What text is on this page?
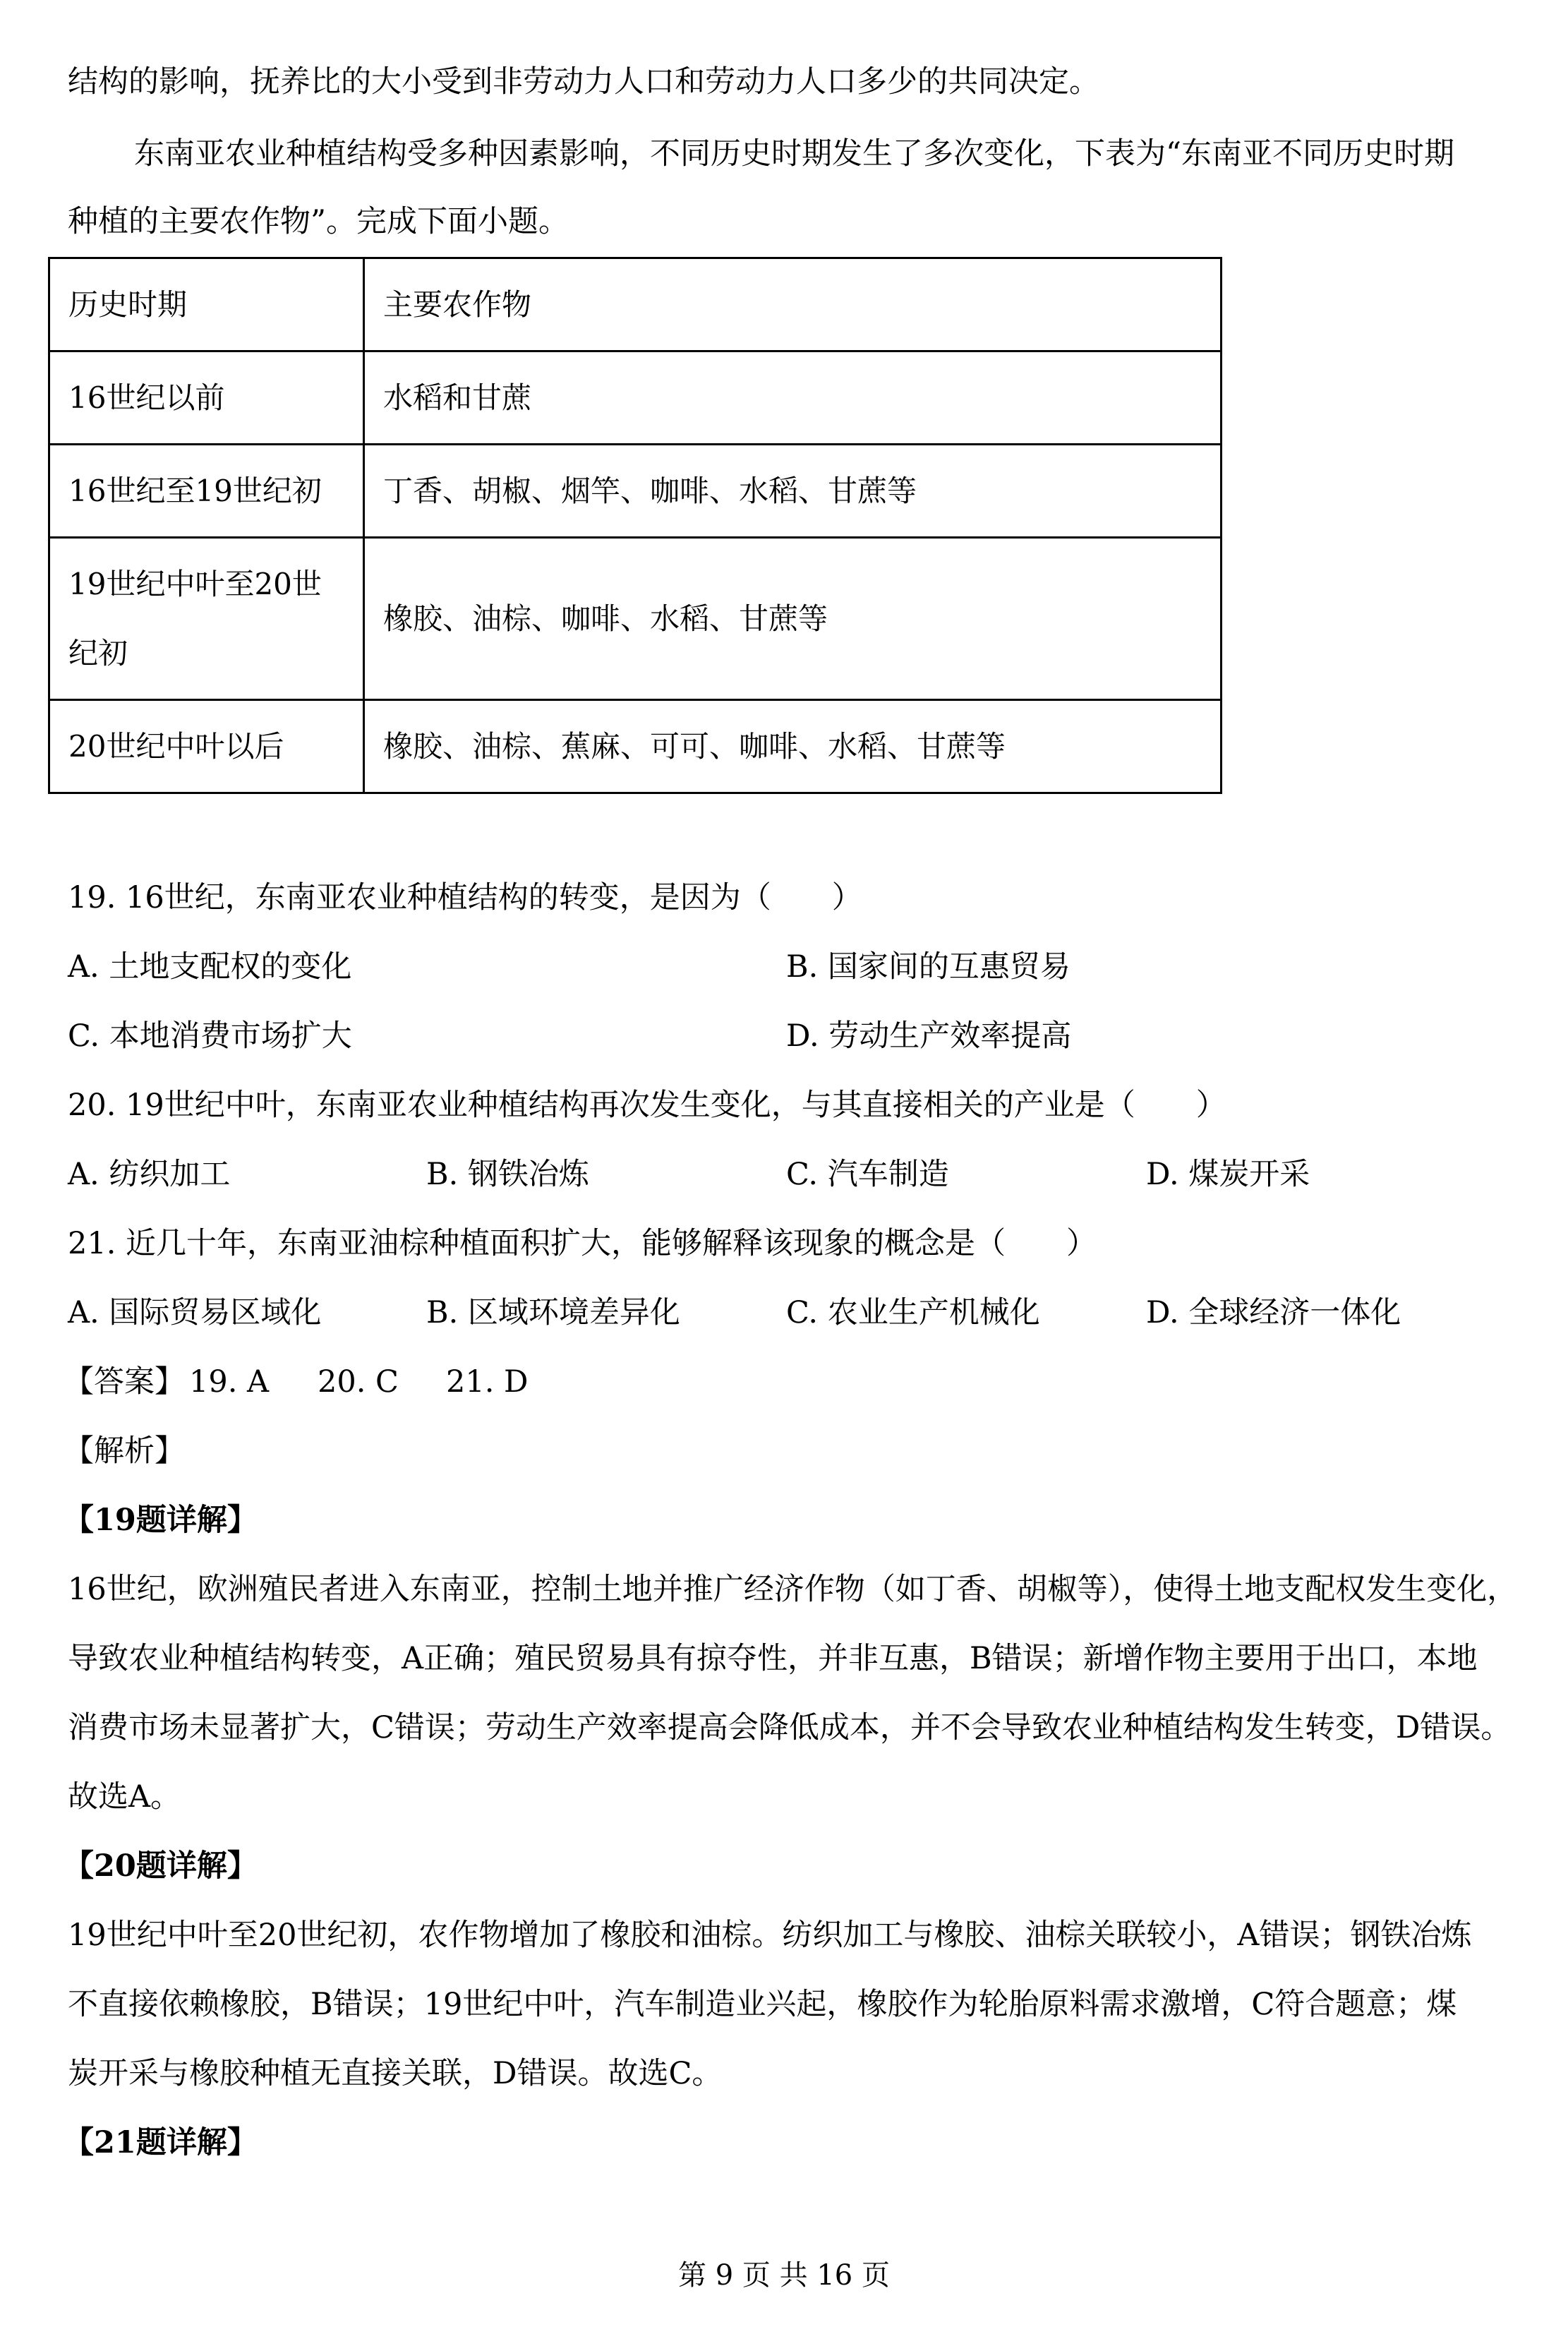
结构的影响，抚养比的大小受到非劳动力人口和劳动力人口多少的共同决定。
东南亚农业种植结构受多种因素影响，不同历史时期发生了多次变化，下表为“东南亚不同历史时期
种植的主要农作物”。完成下面小题。
历史时期	主要农作物
16世纪以前	水稻和甘蔗
16世纪至19世纪初	丁香、胡椒、烟竿、咖啡、水稻、甘蔗等

19世纪中叶至20世
纪初	橡胶、油棕、咖啡、水稻、甘蔗等
20世纪中叶以后	橡胶、油棕、蕉麻、可可、咖啡、水稻、甘蔗等
19. 16世纪，东南亚农业种植结构的转变，是因为（　　）
A. 土地支配权的变化	B. 国家间的互惠贸易
C. 本地消费市场扩大	D. 劳动生产效率提高
20. 19世纪中叶，东南亚农业种植结构再次发生变化，与其直接相关的产业是（　　）
A. 纺织加工	B. 钢铁冶炼	C. 汽车制造	D. 煤炭开采
21. 近几十年，东南亚油棕种植面积扩大，能够解释该现象的概念是（　　）
A. 国际贸易区域化	B. 区域环境差异化	C. 农业生产机械化	D. 全球经济一体化
【答案】 19. A 20. C 21. D
【解析】
【19题详解】
16世纪，欧洲殖民者进入东南亚，控制土地并推广经济作物（如丁香、胡椒等），使得土地支配权发生变化，
导致农业种植结构转变，A正确；殖民贸易具有掠夺性，并非互惠，B错误；新增作物主要用于出口，本地
消费市场未显著扩大，C错误；劳动生产效率提高会降低成本，并不会导致农业种植结构发生转变，D错误。
故选A。
【20题详解】
19世纪中叶至20世纪初，农作物增加了橡胶和油棕。纺织加工与橡胶、油棕关联较小，A错误；钢铁冶炼
不直接依赖橡胶，B错误；19世纪中叶，汽车制造业兴起，橡胶作为轮胎原料需求激增，C符合题意；煤
炭开采与橡胶种植无直接关联，D错误。故选C。
【21题详解】
第 9 页 共 16 页
